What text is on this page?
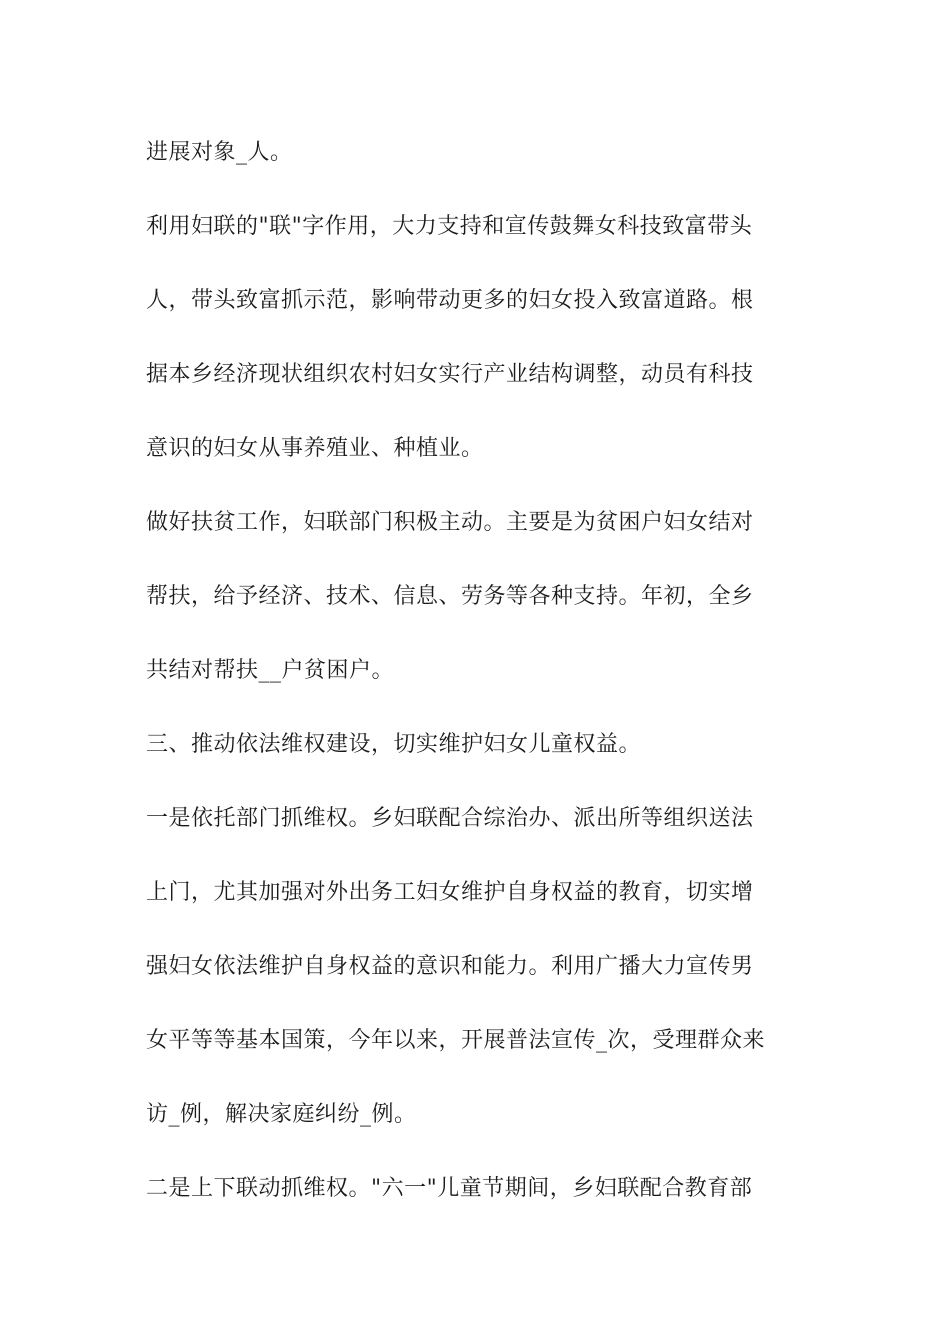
进展对象_人。

利用妇联的"联"字作用，大力支持和宣传鼓舞女科技致富带头

人，带头致富抓示范，影响带动更多的妇女投入致富道路。根

据本乡经济现状组织农村妇女实行产业结构调整，动员有科技

意识的妇女从事养殖业、种植业。

做好扶贫工作，妇联部门积极主动。主要是为贫困户妇女结对

帮扶，给予经济、技术、信息、劳务等各种支持。年初，全乡

共结对帮扶__户贫困户。

三、推动依法维权建设，切实维护妇女儿童权益。

一是依托部门抓维权。乡妇联配合综治办、派出所等组织送法

上门，尤其加强对外出务工妇女维护自身权益的教育，切实增

强妇女依法维护自身权益的意识和能力。利用广播大力宣传男

女平等等基本国策，今年以来，开展普法宣传_次，受理群众来

访_例，解决家庭纠纷_例。

二是上下联动抓维权。"六一"儿童节期间，乡妇联配合教育部
